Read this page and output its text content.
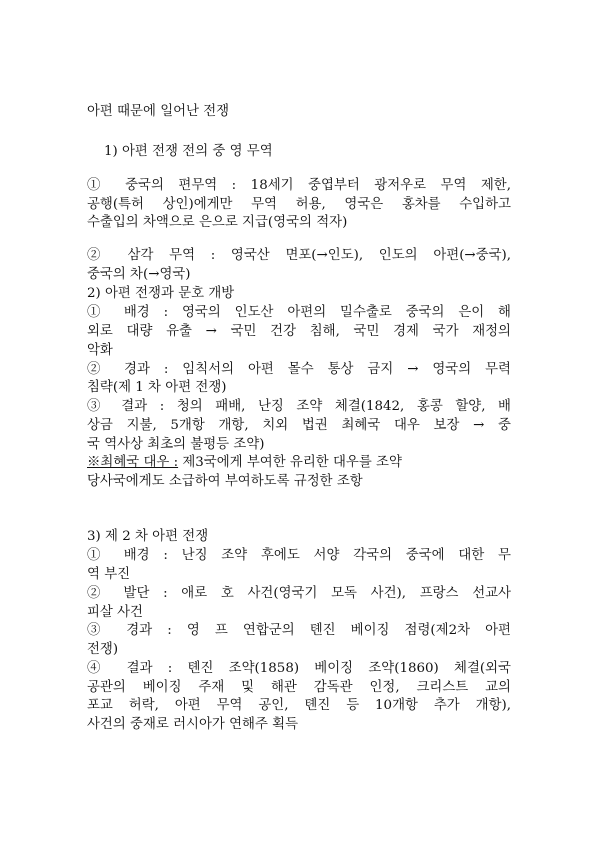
아편 때문에 일어난 전쟁
1) 아편 전쟁 전의 중 영 무역
① 중국의 편무역 : 18세기 중엽부터 광저우로 무역 제한,
공행(특허 상인)에게만 무역 허용, 영국은 홍차를 수입하고
수출입의 차액으로 은으로 지급(영국의 적자)
② 삼각 무역 : 영국산 면포(→인도), 인도의 아편(→중국),
중국의 차(→영국)
2) 아편 전쟁과 문호 개방
① 배경 : 영국의 인도산 아편의 밀수출로 중국의 은이 해
외로 대량 유출 → 국민 건강 침해, 국민 경제 국가 재정의
악화
② 경과 : 임칙서의 아편 몰수 통상 금지 → 영국의 무력
침략(제 1 차 아편 전쟁)
③ 결과 : 청의 패배, 난징 조약 체결(1842, 홍콩 할양, 배
상금 지불, 5개항 개항, 치외 법권 최혜국 대우 보장 → 중
국 역사상 최초의 불평등 조약)
※최혜국 대우 : 제3국에게 부여한 유리한 대우를 조약
당사국에게도 소급하여 부여하도록 규정한 조항
3) 제 2 차 아편 전쟁
① 배경 : 난징 조약 후에도 서양 각국의 중국에 대한 무
역 부진
② 발단 : 애로 호 사건(영국기 모독 사건), 프랑스 선교사
피살 사건
③ 경과 : 영 프 연합군의 톈진 베이징 점령(제2차 아편
전쟁)
④ 결과 : 톈진 조약(1858) 베이징 조약(1860) 체결(외국
공관의 베이징 주재 및 해관 감독관 인정, 크리스트 교의
포교 허락, 아편 무역 공인, 톈진 등 10개항 추가 개항),
사건의 중재로 러시아가 연해주 획득
